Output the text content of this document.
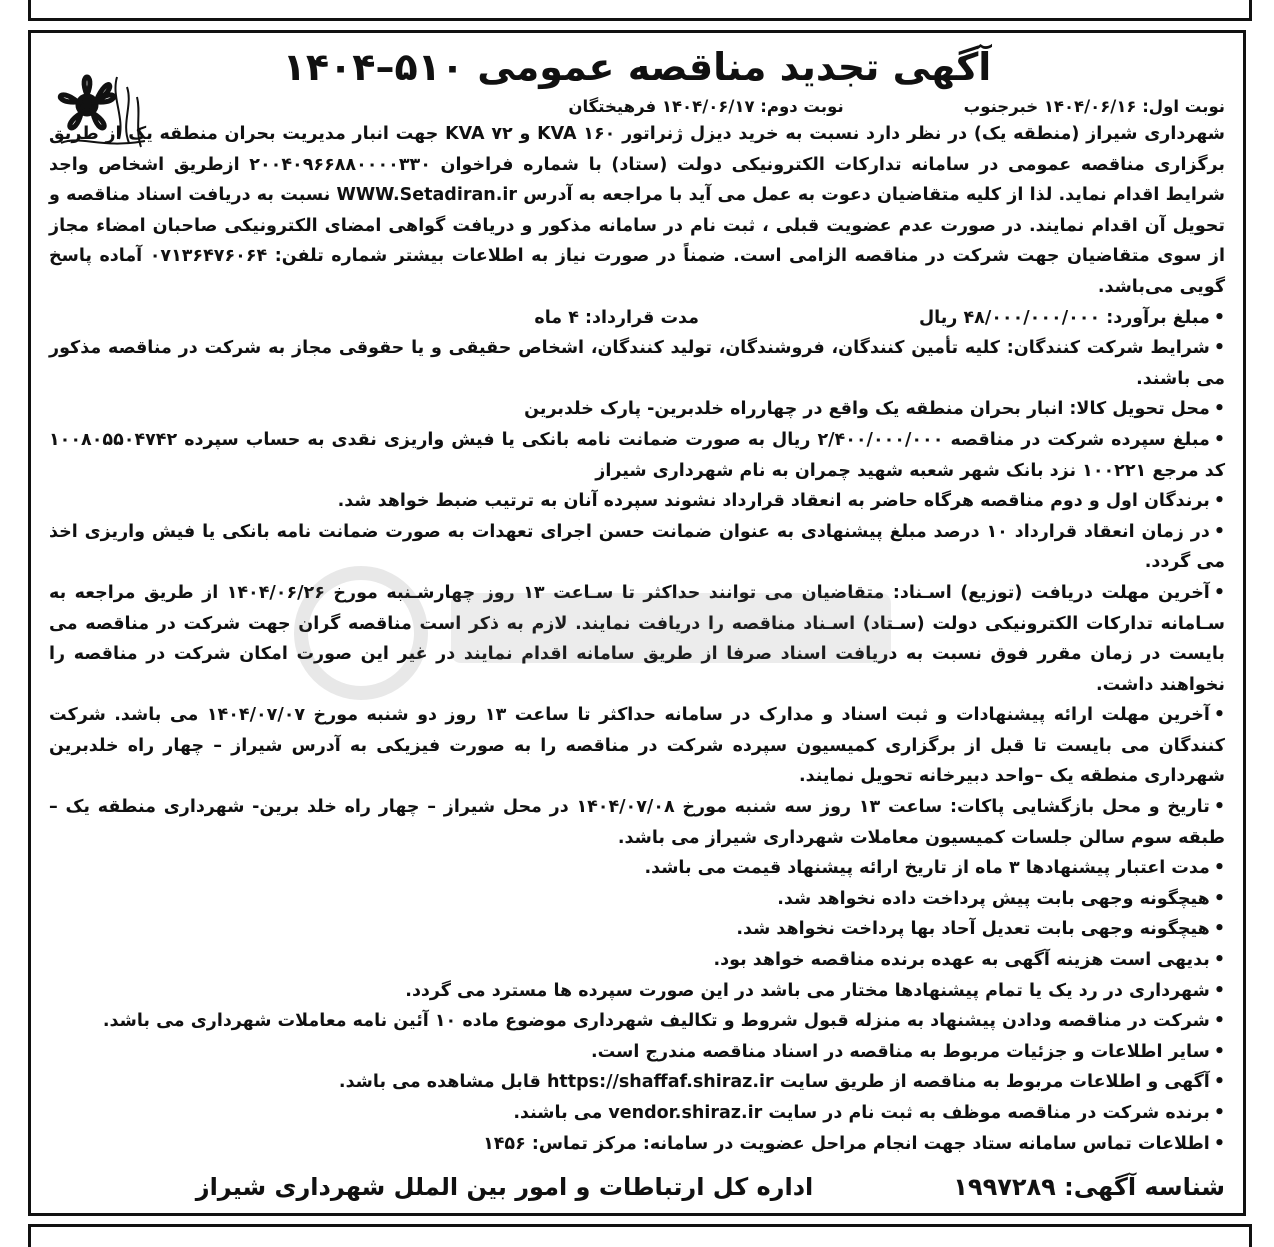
آگهی تجدید مناقصه عمومی ۵۱۰–۱۴۰۴
نوبت اول: ۱۴۰۴/۰۶/۱۶ خبرجنوب
نوبت دوم: ۱۴۰۴/۰۶/۱۷ فرهیختگان

شهرداری شیراز (منطقه یک) در نظر دارد نسبت به خرید دیزل ژنراتور KVA ۱۶۰ و KVA ۷۲ جهت انبار مدیریت بحران منطقه یک از طریق برگزاری مناقصه عمومی در سامانه تدارکات الکترونیکی دولت (ستاد) با شماره فراخوان ۲۰۰۴۰۹۶۶۸۸۰۰۰۰۳۳۰ ازطریق اشخاص واجد شرایط اقدام نماید. لذا از کلیه متقاضیان دعوت به عمل می آید با مراجعه به آدرس WWW.Setadiran.ir نسبت به دریافت اسناد مناقصه و تحویل آن اقدام نمایند. در صورت عدم عضویت قبلی ، ثبت نام در سامانه مذکور و دریافت گواهی امضای الکترونیکی صاحبان امضاء مجاز از سوی متقاضیان جهت شرکت در مناقصه الزامی است. ضمناً در صورت نیاز به اطلاعات بیشتر شماره تلفن: ۰۷۱۳۶۴۷۶۰۶۴ آماده پاسخ گویی می‌باشد.

• مبلغ برآورد: ۴۸/۰۰۰/۰۰۰/۰۰۰ ریال
مدت قرارداد: ۴ ماه
• شرایط شرکت کنندگان: کلیه تأمین کنندگان، فروشندگان، تولید کنندگان، اشخاص حقیقی و یا حقوقی مجاز به شرکت در مناقصه مذکور می باشند.
• محل تحویل کالا: انبار بحران منطقه یک واقع در چهارراه خلدبرین- پارک خلدبرین
• مبلغ سپرده شرکت در مناقصه ۲/۴۰۰/۰۰۰/۰۰۰ ریال به صورت ضمانت نامه بانکی یا فیش واریزی نقدی به حساب سپرده ۱۰۰۸۰۵۵۰۴۷۴۲ کد مرجع ۱۰۰۲۲۱ نزد بانک شهر شعبه شهید چمران به نام شهرداری شیراز
• برندگان اول و دوم مناقصه هرگاه حاضر به انعقاد قرارداد نشوند سپرده آنان به ترتیب ضبط خواهد شد.
• در زمان انعقاد قرارداد ۱۰ درصد مبلغ پیشنهادی به عنوان ضمانت حسن اجرای تعهدات به صورت ضمانت نامه بانکی یا فیش واریزی اخذ می گردد.
• آخرین مهلت دریافت (توزیع) اسـناد: متقاضیان می توانند حداکثر تا سـاعت ۱۳ روز چهارشـنبه مورخ ۱۴۰۴/۰۶/۲۶ از طریق مراجعه به سـامانه تدارکات الکترونیکی دولت (سـتاد) اسـناد مناقصه را دریافت نمایند. لازم به ذکر است مناقصه گران جهت شرکت در مناقصه می بایست در زمان مقرر فوق نسبت به دریافت اسناد صرفا از طریق سامانه اقدام نمایند در غیر این صورت امکان شرکت در مناقصه را نخواهند داشت.
• آخرین مهلت ارائه پیشنهادات و ثبت اسناد و مدارک در سامانه حداکثر تا ساعت ۱۳ روز دو شنبه مورخ ۱۴۰۴/۰۷/۰۷ می باشد. شرکت کنندگان می بایست تا قبل از برگزاری کمیسیون سپرده شرکت در مناقصه را به صورت فیزیکی به آدرس شیراز – چهار راه خلدبرین شهرداری منطقه یک –واحد دبیرخانه تحویل نمایند.
• تاریخ و محل بازگشایی پاکات: ساعت ۱۳ روز سه شنبه مورخ ۱۴۰۴/۰۷/۰۸ در محل شیراز – چهار راه خلد برین- شهرداری منطقه یک – طبقه سوم سالن جلسات کمیسیون معاملات شهرداری شیراز می باشد.
• مدت اعتبار پیشنهادها ۳ ماه از تاریخ ارائه پیشنهاد قیمت می باشد.
• هیچگونه وجهی بابت پیش پرداخت داده نخواهد شد.
• هیچگونه وجهی بابت تعدیل آحاد بها پرداخت نخواهد شد.
• بدیهی است هزینه آگهی به عهده برنده مناقصه خواهد بود.
• شهرداری در رد یک یا تمام پیشنهادها مختار می باشد در این صورت سپرده ها مسترد می گردد.
• شرکت در مناقصه ودادن پیشنهاد به منزله قبول شروط و تکالیف شهرداری موضوع ماده ۱۰ آئین نامه معاملات شهرداری می باشد.
• سایر اطلاعات و جزئیات مربوط به مناقصه در اسناد مناقصه مندرج است.
• آگهی و اطلاعات مربوط به مناقصه از طریق سایت https://shaffaf.shiraz.ir قابل مشاهده می باشد.
• برنده شرکت در مناقصه موظف به ثبت نام در سایت vendor.shiraz.ir می باشند.
• اطلاعات تماس سامانه ستاد جهت انجام مراحل عضویت در سامانه: مرکز تماس: ۱۴۵۶
شناسه آگهی: ۱۹۹۷۲۸۹
اداره کل ارتباطات و امور بین الملل شهرداری شیراز
